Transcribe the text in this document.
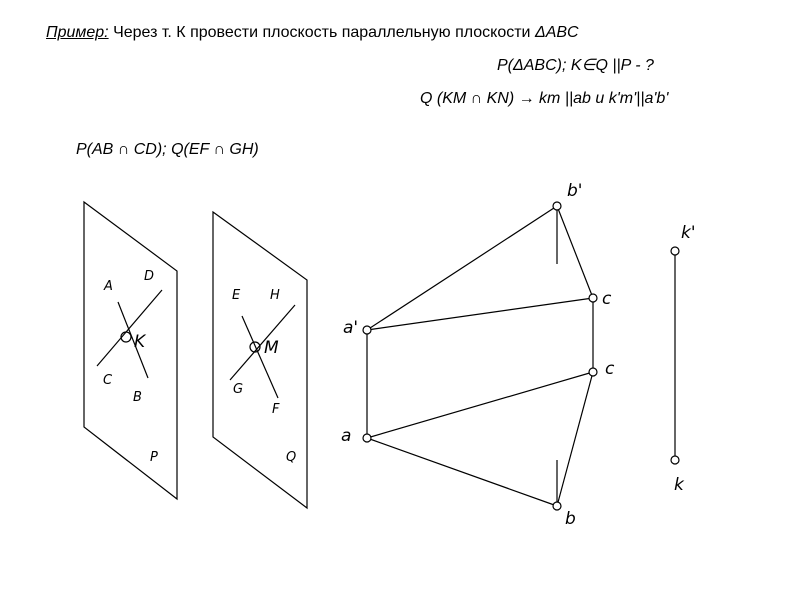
Пример: Через т. К провести плоскость параллельную плоскости ΔABC
P(ΔABC); K∈Q ||P - ?
Q (KM ∩ KN) → km ||ab и k'm'||a'b'
P(AB ∩ CD); Q(EF ∩ GH)
A
D
K
C
B
P
E H
M
G
F
Q
b'
c
a'
c
a
b
k'
k
